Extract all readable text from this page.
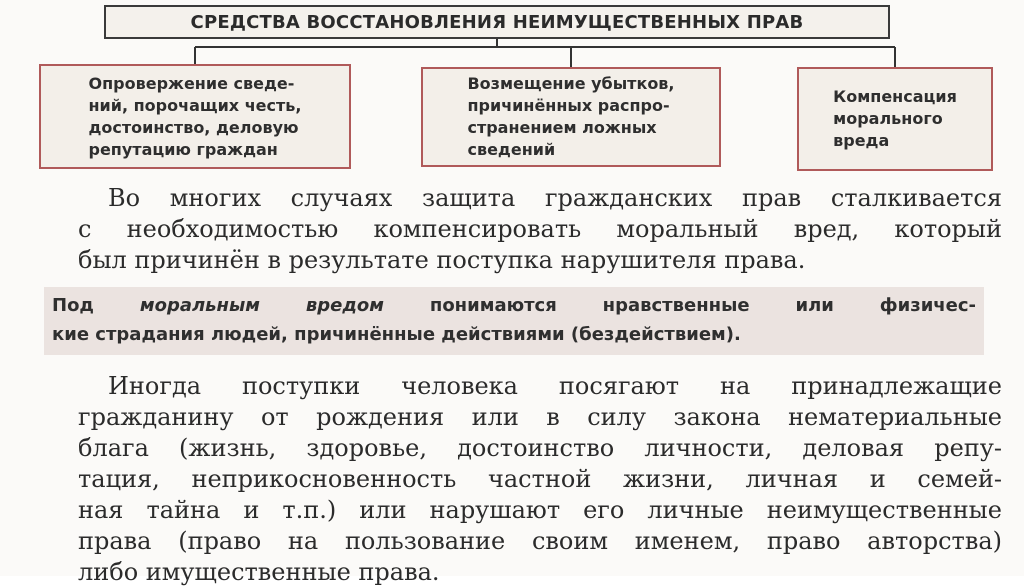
СРЕДСТВА ВОССТАНОВЛЕНИЯ НЕИМУЩЕСТВЕННЫХ ПРАВ
Опровержение сведе-
ний, порочащих честь,
достоинство, деловую
репутацию граждан
Возмещение убытков,
причинённых распро-
странением ложных
сведений
Компенсация
морального
вреда
Во многих случаях защита гражданских прав сталкивается
с необходимостью компенсировать моральный вред, который
был причинён в результате поступка нарушителя права.
Под моральным вредом понимаются нравственные или физичес-
кие страдания людей, причинённые действиями (бездействием).
Иногда поступки человека посягают на принадлежащие
гражданину от рождения или в силу закона нематериальные
блага (жизнь, здоровье, достоинство личности, деловая репу-
тация, неприкосновенность частной жизни, личная и семей-
ная тайна и т.п.) или нарушают его личные неимущественные
права (право на пользование своим именем, право авторства)
либо имущественные права.
